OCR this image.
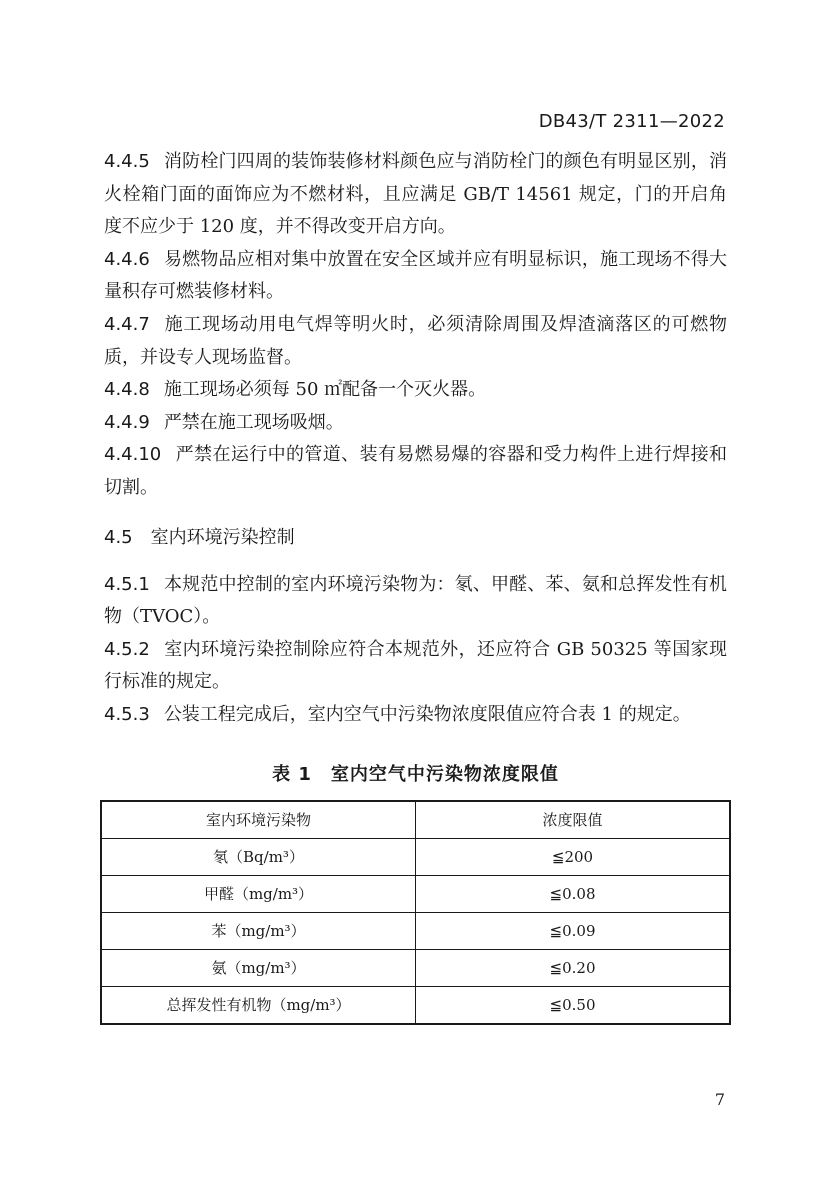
DB43/T 2311—2022

4.4.5 消防栓门四周的装饰装修材料颜色应与消防栓门的颜色有明显区别，消火栓箱门面的面饰应为不燃材料，且应满足 GB/T 14561 规定，门的开启角度不应少于 120 度，并不得改变开启方向。

4.4.6 易燃物品应相对集中放置在安全区域并应有明显标识，施工现场不得大量积存可燃装修材料。

4.4.7 施工现场动用电气焊等明火时，必须清除周围及焊渣滴落区的可燃物质，并设专人现场监督。

4.4.8 施工现场必须每 50 ㎡配备一个灭火器。

4.4.9 严禁在施工现场吸烟。

4.4.10 严禁在运行中的管道、装有易燃易爆的容器和受力构件上进行焊接和切割。

4.5 室内环境污染控制

4.5.1 本规范中控制的室内环境污染物为：氡、甲醛、苯、氨和总挥发性有机物（TVOC）。

4.5.2 室内环境污染控制除应符合本规范外，还应符合 GB 50325 等国家现行标准的规定。

4.5.3 公装工程完成后，室内空气中污染物浓度限值应符合表 1 的规定。

表 1　室内空气中污染物浓度限值
室内环境污染物	浓度限值
氡（Bq/m³）	≦200
甲醛（mg/m³）	≦0.08
苯（mg/m³）	≦0.09
氨（mg/m³）	≦0.20
总挥发性有机物（mg/m³）	≦0.50
7
